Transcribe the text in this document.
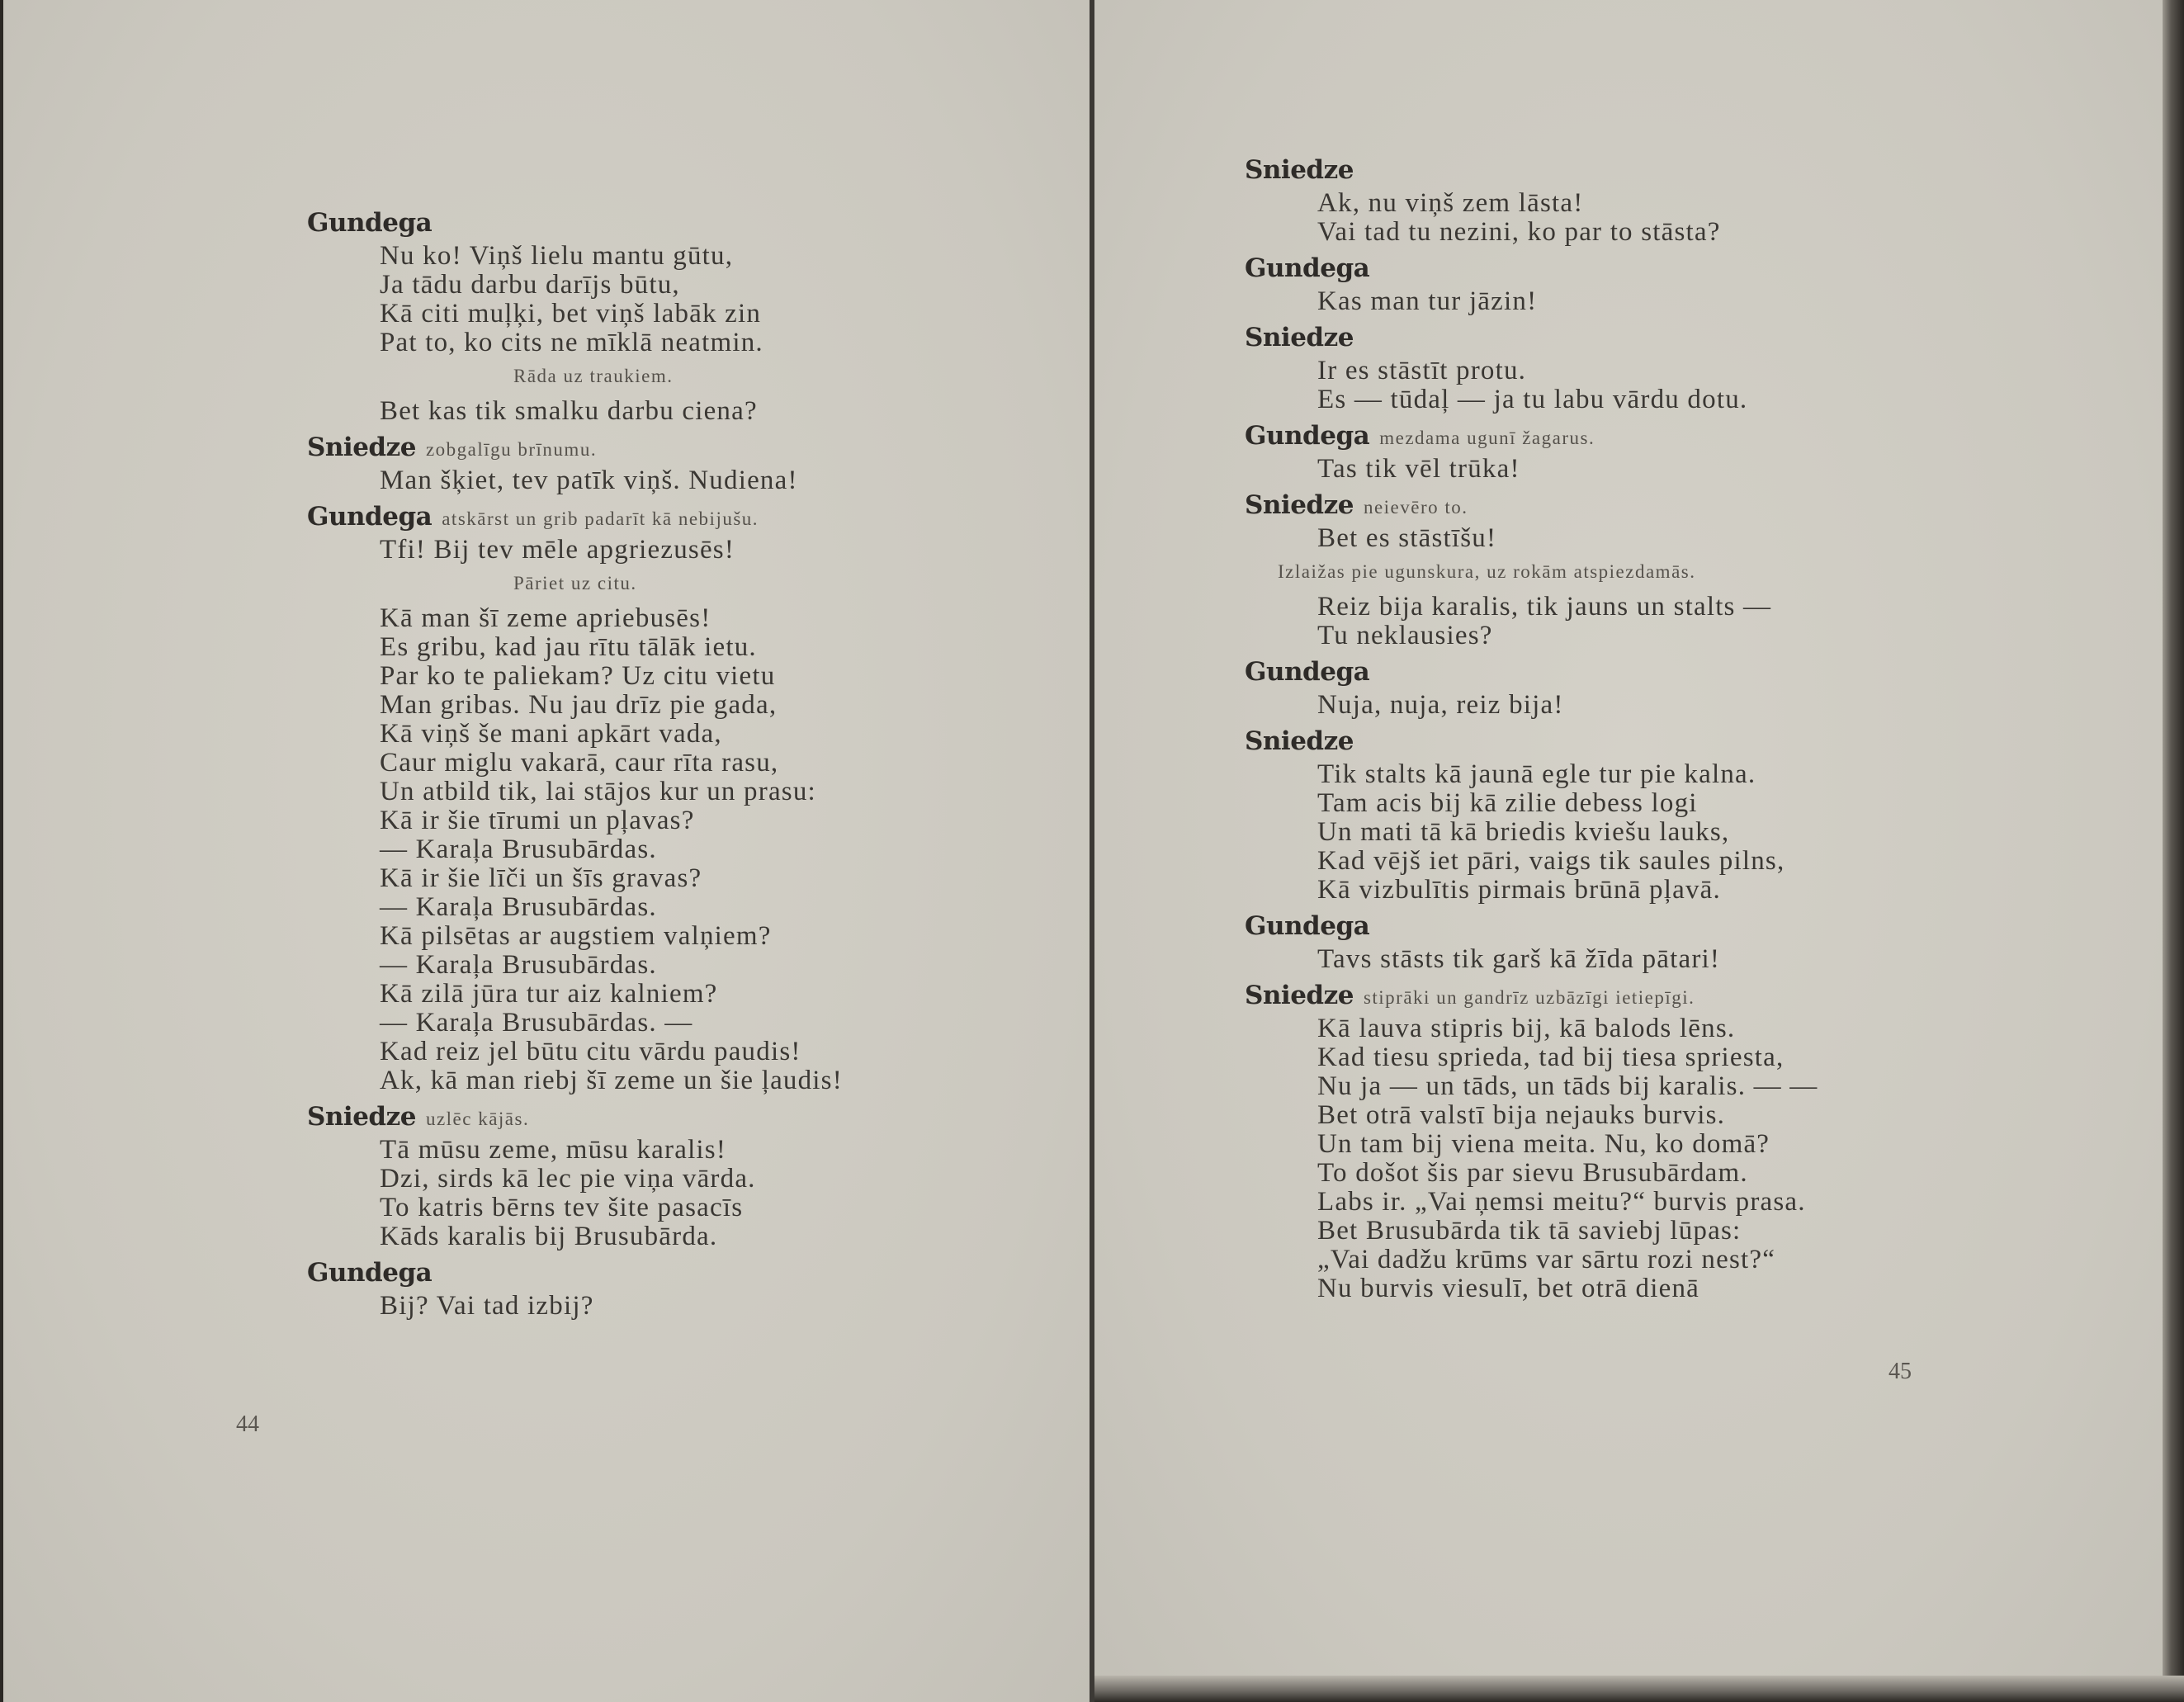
Gundega
Nu ko! Viņš lielu mantu gūtu,
Ja tādu darbu darījs būtu,
Kā citi muļķi, bet viņš labāk zin
Pat to, ko cits ne mīklā neatmin.
Rāda uz traukiem.
Bet kas tik smalku darbu ciena?
Sniedze zobgalīgu brīnumu.
Man šķiet, tev patīk viņš. Nudiena!
Gundega atskārst un grib padarīt kā nebijušu.
Tfi! Bij tev mēle apgriezusēs!
Pāriet uz citu.
Kā man šī zeme apriebusēs!
Es gribu, kad jau rītu tālāk ietu.
Par ko te paliekam? Uz citu vietu
Man gribas. Nu jau drīz pie gada,
Kā viņš še mani apkārt vada,
Caur miglu vakarā, caur rīta rasu,
Un atbild tik, lai stājos kur un prasu:
Kā ir šie tīrumi un pļavas?
— Karaļa Brusubārdas.
Kā ir šie līči un šīs gravas?
— Karaļa Brusubārdas.
Kā pilsētas ar augstiem valņiem?
— Karaļa Brusubārdas.
Kā zilā jūra tur aiz kalniem?
— Karaļa Brusubārdas. —
Kad reiz jel būtu citu vārdu paudis!
Ak, kā man riebj šī zeme un šie ļaudis!
Sniedze uzlēc kājās.
Tā mūsu zeme, mūsu karalis!
Dzi, sirds kā lec pie viņa vārda.
To katris bērns tev šite pasacīs
Kāds karalis bij Brusubārda.
Gundega
Bij? Vai tad izbij?
44
Sniedze
Ak, nu viņš zem lāsta!
Vai tad tu nezini, ko par to stāsta?
Gundega
Kas man tur jāzin!
Sniedze
Ir es stāstīt protu.
Es — tūdaļ — ja tu labu vārdu dotu.
Gundega mezdama ugunī žagarus.
Tas tik vēl trūka!
Sniedze neievēro to.
Bet es stāstīšu!
Izlaižas pie ugunskura, uz rokām atspiezdamās.
Reiz bija karalis, tik jauns un stalts —
Tu neklausies?
Gundega
Nuja, nuja, reiz bija!
Sniedze
Tik stalts kā jaunā egle tur pie kalna.
Tam acis bij kā zilie debess logi
Un mati tā kā briedis kviešu lauks,
Kad vējš iet pāri, vaigs tik saules pilns,
Kā vizbulītis pirmais brūnā pļavā.
Gundega
Tavs stāsts tik garš kā žīda pātari!
Sniedze stiprāki un gandrīz uzbāzīgi ietiepīgi.
Kā lauva stipris bij, kā balods lēns.
Kad tiesu sprieda, tad bij tiesa spriesta,
Nu ja — un tāds, un tāds bij karalis. — —
Bet otrā valstī bija nejauks burvis.
Un tam bij viena meita. Nu, ko domā?
To došot šis par sievu Brusubārdam.
Labs ir. „Vai ņemsi meitu?“ burvis prasa.
Bet Brusubārda tik tā saviebj lūpas:
„Vai dadžu krūms var sārtu rozi nest?“
Nu burvis viesulī, bet otrā dienā
45
